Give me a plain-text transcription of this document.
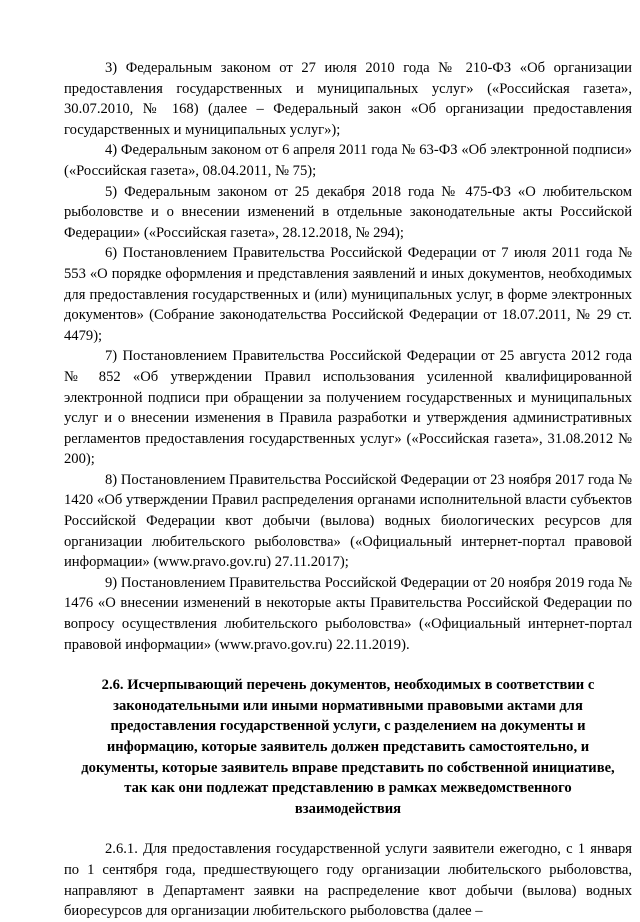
3) Федеральным законом от 27 июля 2010 года № 210-ФЗ «Об организации предоставления государственных и муниципальных услуг» («Российская газета», 30.07.2010, № 168) (далее – Федеральный закон «Об организации предоставления государственных и муниципальных услуг»);

4) Федеральным законом от 6 апреля 2011 года № 63-ФЗ «Об электронной подписи» («Российская газета», 08.04.2011, № 75);

5) Федеральным законом от 25 декабря 2018 года № 475-ФЗ «О любительском рыболовстве и о внесении изменений в отдельные законодательные акты Российской Федерации» («Российская газета», 28.12.2018, № 294);

6) Постановлением Правительства Российской Федерации от 7 июля 2011 года № 553 «О порядке оформления и представления заявлений и иных документов, необходимых для предоставления государственных и (или) муниципальных услуг, в форме электронных документов» (Собрание законодательства Российской Федерации от 18.07.2011, № 29 ст. 4479);

7) Постановлением Правительства Российской Федерации от 25 августа 2012 года № 852 «Об утверждении Правил использования усиленной квалифицированной электронной подписи при обращении за получением государственных и муниципальных услуг и о внесении изменения в Правила разработки и утверждения административных регламентов предоставления государственных услуг» («Российская газета», 31.08.2012 № 200);

8) Постановлением Правительства Российской Федерации от 23 ноября 2017 года № 1420 «Об утверждении Правил распределения органами исполнительной власти субъектов Российской Федерации квот добычи (вылова) водных биологических ресурсов для организации любительского рыболовства» («Официальный интернет-портал правовой информации» (www.pravo.gov.ru) 27.11.2017);

9) Постановлением Правительства Российской Федерации от 20 ноября 2019 года № 1476 «О внесении изменений в некоторые акты Правительства Российской Федерации по вопросу осуществления любительского рыболовства» («Официальный интернет-портал правовой информации» (www.pravo.gov.ru) 22.11.2019).

2.6. Исчерпывающий перечень документов, необходимых в соответствии с законодательными или иными нормативными правовыми актами для предоставления государственной услуги, с разделением на документы и информацию, которые заявитель должен представить самостоятельно, и документы, которые заявитель вправе представить по собственной инициативе, так как они подлежат представлению в рамках межведомственного взаимодействия

2.6.1. Для предоставления государственной услуги заявители ежегодно, с 1 января по 1 сентября года, предшествующего году организации любительского рыболовства, направляют в Департамент заявки на распределение квот добычи (вылова) водных биоресурсов для организации любительского рыболовства (далее –
